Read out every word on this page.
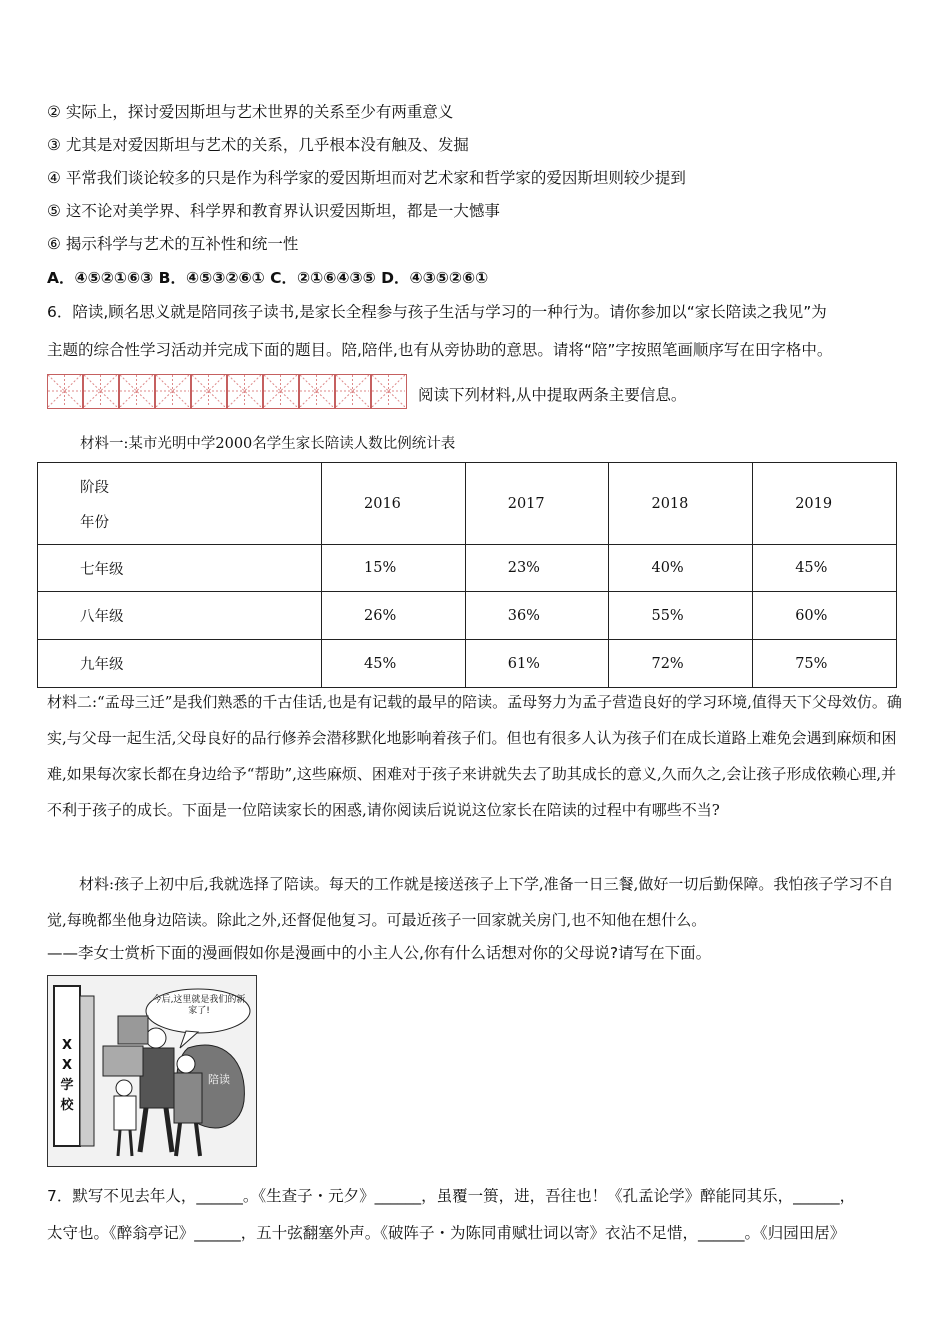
② 实际上，探讨爱因斯坦与艺术世界的关系至少有两重意义
③ 尤其是对爱因斯坦与艺术的关系，几乎根本没有触及、发掘
④ 平常我们谈论较多的只是作为科学家的爱因斯坦而对艺术家和哲学家的爱因斯坦则较少提到
⑤ 这不论对美学界、科学界和教育界认识爱因斯坦，都是一大憾事
⑥ 揭示科学与艺术的互补性和统一性
A．④⑤②①⑥③ B．④⑤③②⑥① C．②①⑥④③⑤ D．④③⑤②⑥①
6．陪读,顾名思义就是陪同孩子读书,是家长全程参与孩子生活与学习的一种行为。请你参加以“家长陪读之我见”为
主题的综合性学习活动并完成下面的题目。陪,陪伴,也有从旁协助的意思。请将“陪”字按照笔画顺序写在田字格中。
阅读下列材料,从中提取两条主要信息。
材料一:某市光明中学2000名学生家长陪读人数比例统计表
阶段
年份	2016	2017	2018	2019
七年级	15%	23%	40%	45%
八年级	26%	36%	55%	60%
九年级	45%	61%	72%	75%
材料二:“孟母三迁”是我们熟悉的千古佳话,也是有记载的最早的陪读。孟母努力为孟子营造良好的学习环境,值得天下父母效仿。确实,与父母一起生活,父母良好的品行修养会潜移默化地影响着孩子们。但也有很多人认为孩子们在成长道路上难免会遇到麻烦和困难,如果每次家长都在身边给予“帮助”,这些麻烦、困难对于孩子来讲就失去了助其成长的意义,久而久之,会让孩子形成依赖心理,并不利于孩子的成长。下面是一位陪读家长的困惑,请你阅读后说说这位家长在陪读的过程中有哪些不当?
材料:孩子上初中后,我就选择了陪读。每天的工作就是接送孩子上下学,准备一日三餐,做好一切后勤保障。我怕孩子学习不自觉,每晚都坐他身边陪读。除此之外,还督促他复习。可最近孩子一回家就关房门,也不知他在想什么。
——李女士赏析下面的漫画假如你是漫画中的小主人公,你有什么话想对你的父母说?请写在下面。
今后,这里就是我们的新家了!
陪读
XX学校
7．默写不见去年人，______。《生查子・元夕》______，虽覆一篑，进，吾往也！《孔孟论学》醉能同其乐，______，
太守也。《醉翁亭记》______，五十弦翻塞外声。《破阵子・为陈同甫赋壮词以寄》衣沾不足惜，______。《归园田居》
